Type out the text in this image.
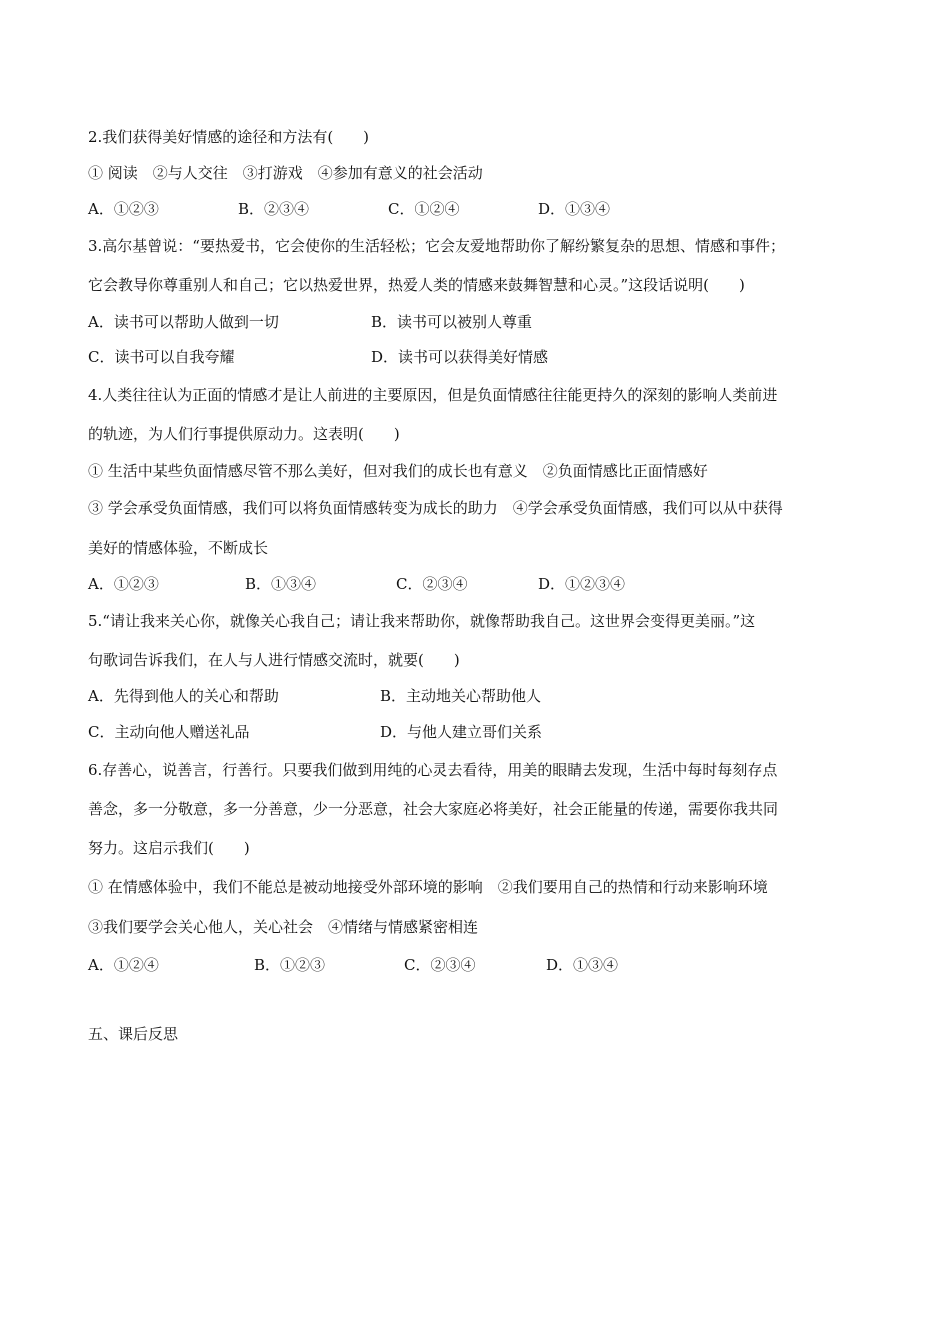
2.我们获得美好情感的途径和方法有(　　)
① 阅读　②与人交往　③打游戏　④参加有意义的社会活动
A．①②③	B．②③④	C．①②④	D．①③④
3.高尔基曾说：“要热爱书，它会使你的生活轻松；它会友爱地帮助你了解纷繁复杂的思想、情感和事件；
它会教导你尊重别人和自己；它以热爱世界，热爱人类的情感来鼓舞智慧和心灵。”这段话说明(　　)
A．读书可以帮助人做到一切	B．读书可以被别人尊重
C．读书可以自我夸耀	D．读书可以获得美好情感
4.人类往往认为正面的情感才是让人前进的主要原因，但是负面情感往往能更持久的深刻的影响人类前进
的轨迹，为人们行事提供原动力。这表明(　　)
① 生活中某些负面情感尽管不那么美好，但对我们的成长也有意义　②负面情感比正面情感好
③ 学会承受负面情感，我们可以将负面情感转变为成长的助力　④学会承受负面情感，我们可以从中获得
美好的情感体验，不断成长
A．①②③	B．①③④	C．②③④	D．①②③④
5.“请让我来关心你，就像关心我自己；请让我来帮助你，就像帮助我自己。这世界会变得更美丽。”这
句歌词告诉我们，在人与人进行情感交流时，就要(　　)
A．先得到他人的关心和帮助	B．主动地关心帮助他人
C．主动向他人赠送礼品	D．与他人建立哥们关系
6.存善心，说善言，行善行。只要我们做到用纯的心灵去看待，用美的眼睛去发现，生活中每时每刻存点
善念，多一分敬意，多一分善意，少一分恶意，社会大家庭必将美好，社会正能量的传递，需要你我共同
努力。这启示我们(　　)
① 在情感体验中，我们不能总是被动地接受外部环境的影响　②我们要用自己的热情和行动来影响环境
③我们要学会关心他人，关心社会　④情绪与情感紧密相连
A．①②④	B．①②③	C．②③④	D．①③④
五、课后反思
